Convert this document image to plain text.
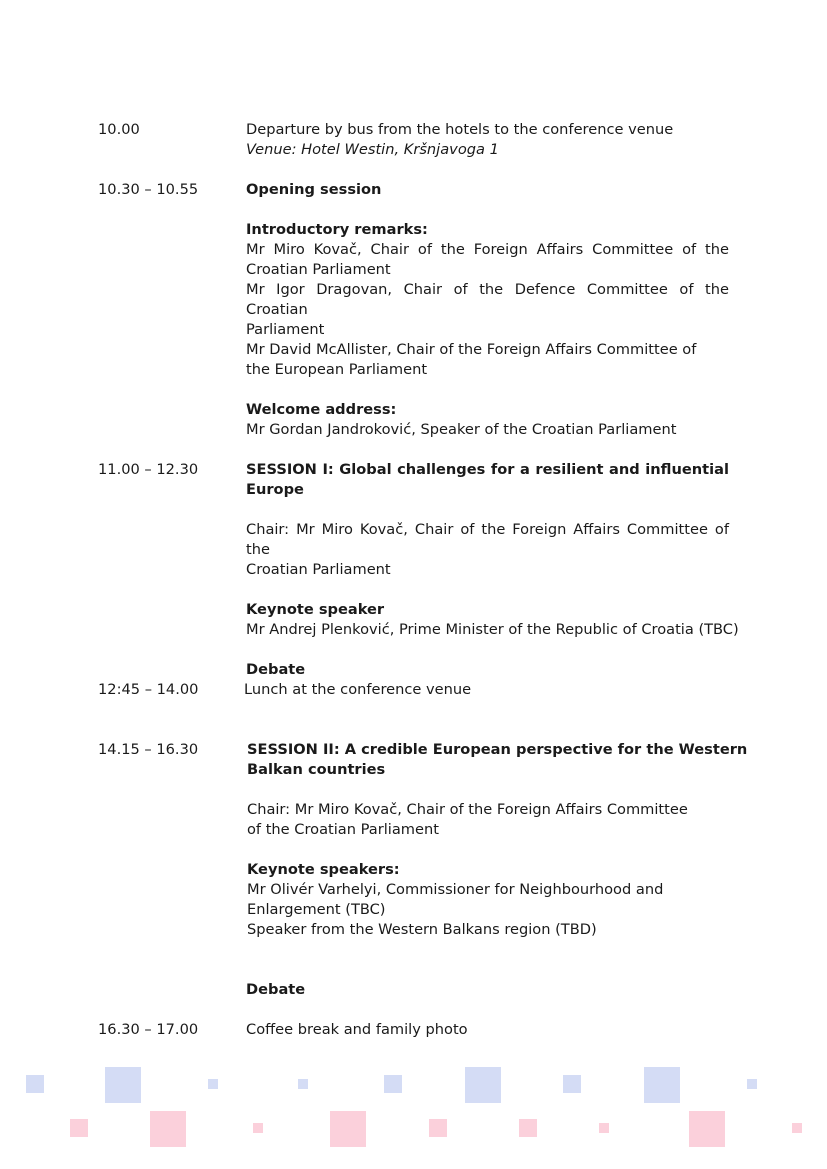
10.00	Departure by bus from the hotels to the conference venue
Venue: Hotel Westin, Kršnjavoga 1
10.30 – 10.55	Opening session
Introductory remarks:
Mr Miro Kovač, Chair of the Foreign Affairs Committee of the
Croatian Parliament
Mr Igor Dragovan, Chair of the Defence Committee of the Croatian
Parliament
Mr David McAllister, Chair of the Foreign Affairs Committee of
the European Parliament
Welcome address:
Mr Gordan Jandroković, Speaker of the Croatian Parliament
11.00 – 12.30	SESSION I: Global challenges for a resilient and influential
Europe
Chair: Mr Miro Kovač, Chair of the Foreign Affairs Committee of the
Croatian Parliament
Keynote speaker
Mr Andrej Plenković, Prime Minister of the Republic of Croatia (TBC)
Debate
12:45 – 14.00	Lunch at the conference venue
14.15 – 16.30	SESSION II: A credible European perspective for the Western
Balkan countries
Chair: Mr Miro Kovač, Chair of the Foreign Affairs Committee
of the Croatian Parliament
Keynote speakers:
Mr Olivér Varhelyi, Commissioner for Neighbourhood and
Enlargement (TBC)
Speaker from the Western Balkans region (TBD)
Debate
16.30 – 17.00	Coffee break and family photo
